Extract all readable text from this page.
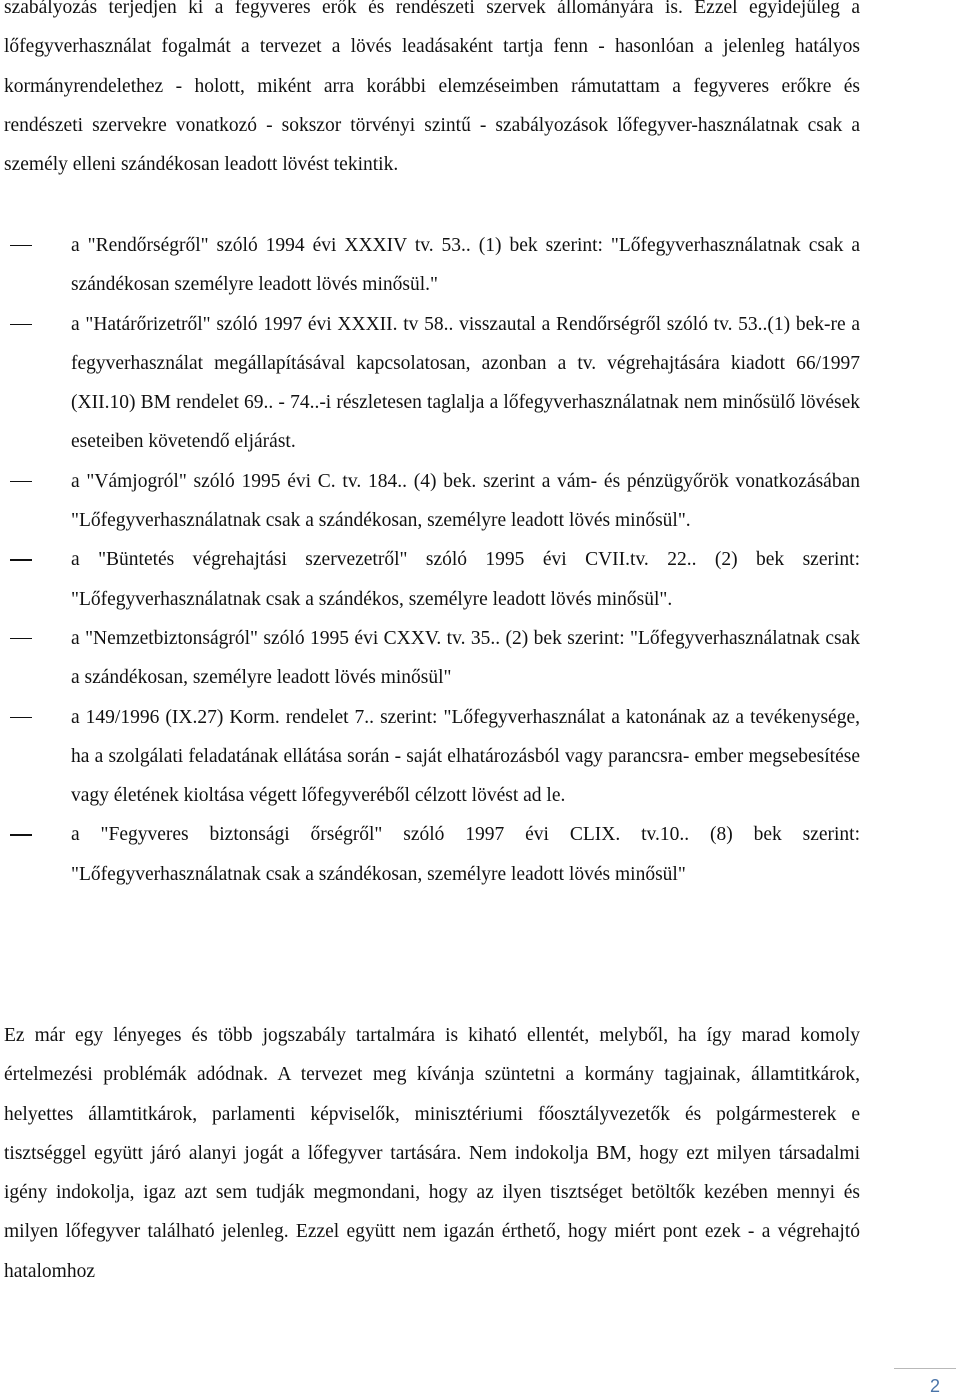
szabályozás terjedjen ki a fegyveres erők és rendészeti szervek állományára is. Ezzel egyidejűleg a lőfegyverhasználat fogalmát a tervezet a lövés leadásaként tartja fenn - hasonlóan a jelenleg hatályos kormányrendelethez - holott, miként arra korábbi elemzéseimben rámutattam a fegyveres erőkre és rendészeti szervekre vonatkozó - sokszor törvényi szintű - szabályozások lőfegyver-használatnak csak a személy elleni szándékosan leadott lövést tekintik.

a "Rendőrségről" szóló 1994 évi XXXIV tv. 53.. (1) bek szerint: "Lőfegyverhasználatnak csak a szándékosan személyre leadott lövés minősül."
a "Határőrizetről" szóló 1997 évi XXXII. tv 58.. visszautal a Rendőrségről szóló tv. 53..(1) bek-re a fegyverhasználat megállapításával kapcsolatosan, azonban a tv. végrehajtására kiadott 66/1997 (XII.10) BM rendelet 69.. - 74..-i részletesen taglalja a lőfegyverhasználatnak nem minősülő lövések eseteiben követendő eljárást.
a "Vámjogról" szóló 1995 évi C. tv. 184.. (4) bek. szerint a vám- és pénzügyőrök vonatkozásában "Lőfegyverhasználatnak csak a szándékosan, személyre leadott lövés minősül".
a "Büntetés végrehajtási szervezetről" szóló 1995 évi CVII.tv. 22.. (2) bek szerint: "Lőfegyverhasználatnak csak a szándékos, személyre leadott lövés minősül".
a "Nemzetbiztonságról" szóló 1995 évi CXXV. tv. 35.. (2) bek szerint: "Lőfegyverhasználatnak csak a szándékosan, személyre leadott lövés minősül"
a 149/1996 (IX.27) Korm. rendelet 7.. szerint: "Lőfegyverhasználat a katonának az a tevékenysége, ha a szolgálati feladatának ellátása során - saját elhatározásból vagy parancsra- ember megsebesítése vagy életének kioltása végett lőfegyveréből célzott lövést ad le.
a "Fegyveres biztonsági őrségről" szóló 1997 évi CLIX. tv.10.. (8) bek szerint: "Lőfegyverhasználatnak csak a szándékosan, személyre leadott lövés minősül"

Ez már egy lényeges és több jogszabály tartalmára is kiható ellentét, melyből, ha így marad komoly értelmezési problémák adódnak. A tervezet meg kívánja szüntetni a kormány tagjainak, államtitkárok, helyettes államtitkárok, parlamenti képviselők, minisztériumi főosztályvezetők és polgármesterek e tisztséggel együtt járó alanyi jogát a lőfegyver tartására. Nem indokolja BM, hogy ezt milyen társadalmi igény indokolja, igaz azt sem tudják megmondani, hogy az ilyen tisztséget betöltők kezében mennyi és milyen lőfegyver található jelenleg. Ezzel együtt nem igazán érthető, hogy miért pont ezek - a végrehajtó hatalomhoz

2
